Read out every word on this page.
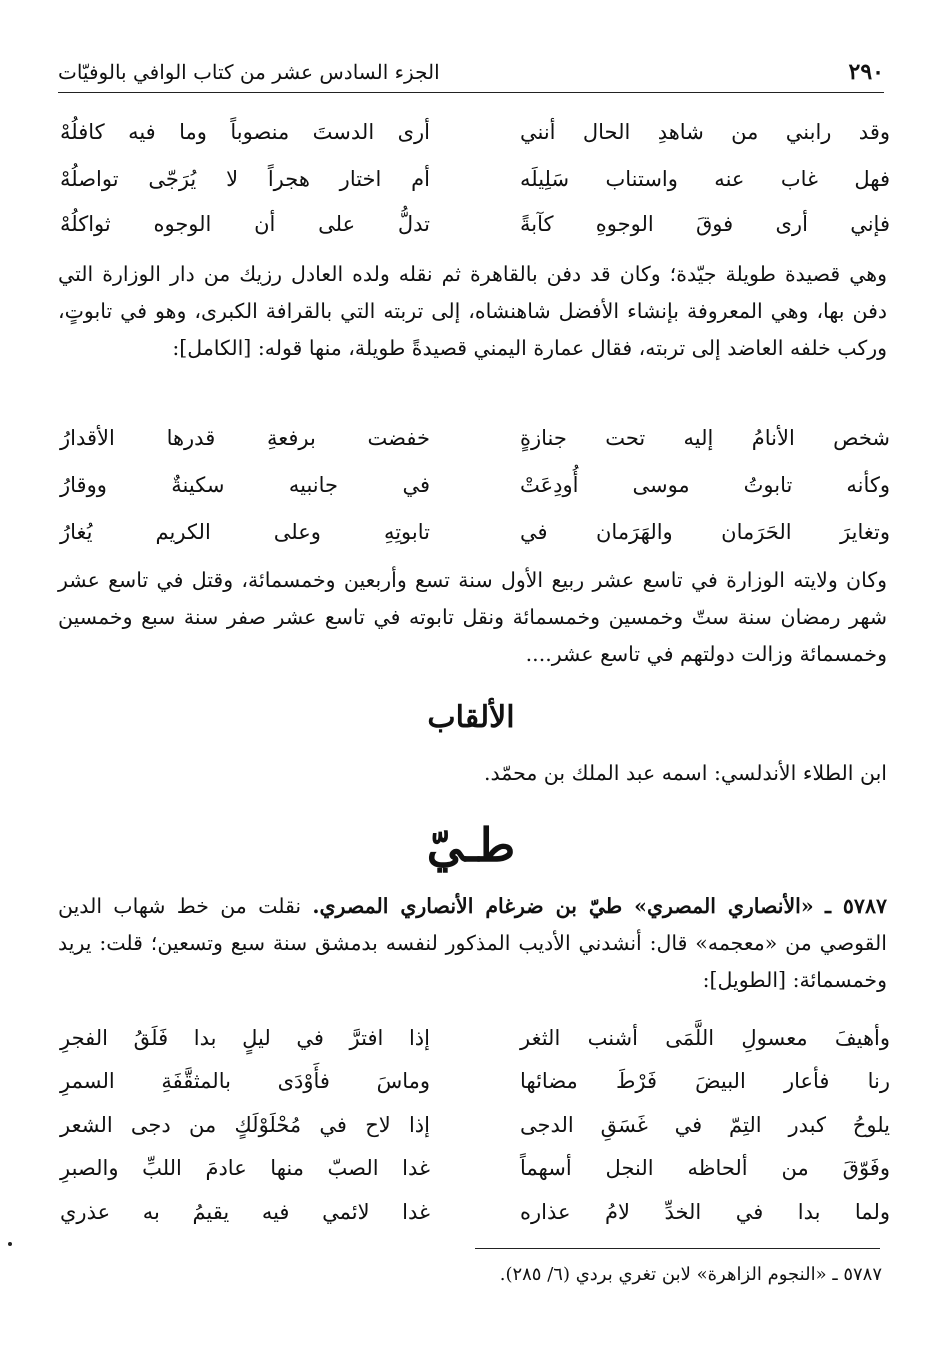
٢٩٠
الجزء السادس عشر من كتاب الوافي بالوفيّات
وقد رابني من شاهدِ الحال أنني
أرى الدستَ منصوباً وما فيه كافلُهْ
فهل غاب عنه واستناب سَلِيلَه
أم اختار هجراً لا يُرَجّى تواصلُهْ
فإني أرى فوقَ الوجوهِ كآبةً
تدلُّ على أن الوجوه ثواكلُهْ

وهي قصيدة طويلة جيّدة؛ وكان قد دفن بالقاهرة ثم نقله ولده العادل رزيك من دار الوزارة التي دفن بها، وهي المعروفة بإنشاء الأفضل شاهنشاه، إلى تربته التي بالقرافة الكبرى، وهو في تابوتٍ، وركب خلفه العاضد إلى تربته، فقال عمارة اليمني قصيدةً طويلة، منها قوله: [الكامل]:

شخص الأنامُ إليه تحت جنازةٍ
خفضت برفعةِ قدرها الأقدارُ
وكأنه تابوتُ موسى أُودِعَتْ
في جانبيه سكينةٌ ووقارُ
وتغايرَ الحَرَمان والهَرَمان في
تابوتِهِ وعلى الكريم يُغارُ

وكان ولايته الوزارة في تاسع عشر ربيع الأول سنة تسع وأربعين وخمسمائة، وقتل في تاسع عشر شهر رمضان سنة ستّ وخمسين وخمسمائة ونقل تابوته في تاسع عشر صفر سنة سبع وخمسين وخمسمائة وزالت دولتهم في تاسع عشر....

الألقاب

ابن الطلاء الأندلسي: اسمه عبد الملك بن محمّد.

طـيّ

٥٧٨٧ ـ «الأنصاري المصري» طيّ بن ضرغام الأنصاري المصري. نقلت من خط شهاب الدين القوصي من «معجمه» قال: أنشدني الأديب المذكور لنفسه بدمشق سنة سبع وتسعين؛ قلت: يريد وخمسمائة: [الطويل]:

وأهيفَ معسولِ اللَّمَى أشنب الثغر
إذا افترَّ في ليلٍ بدا فَلَقُ الفجرِ
رنا فأعار البيضَ فَرْطَ مضائها
وماسَ فأَوْدَى بالمثقَّفَةِ السمرِ
يلوحُ كبدر التِمّ في غَسَقِ الدجى
إذا لاح في مُحْلَوْلَكٍ من دجى الشعر
وفَوّقَ من ألحاظه النجل أسهماً
غدا الصبّ منها عادمَ اللبِّ والصبرِ
ولما بدا في الخدِّ لامُ عذاره
غدا لائمي فيه يقيمُ به عذري

٥٧٨٧ ـ «النجوم الزاهرة» لابن تغري بردي (٦/ ٢٨٥).
